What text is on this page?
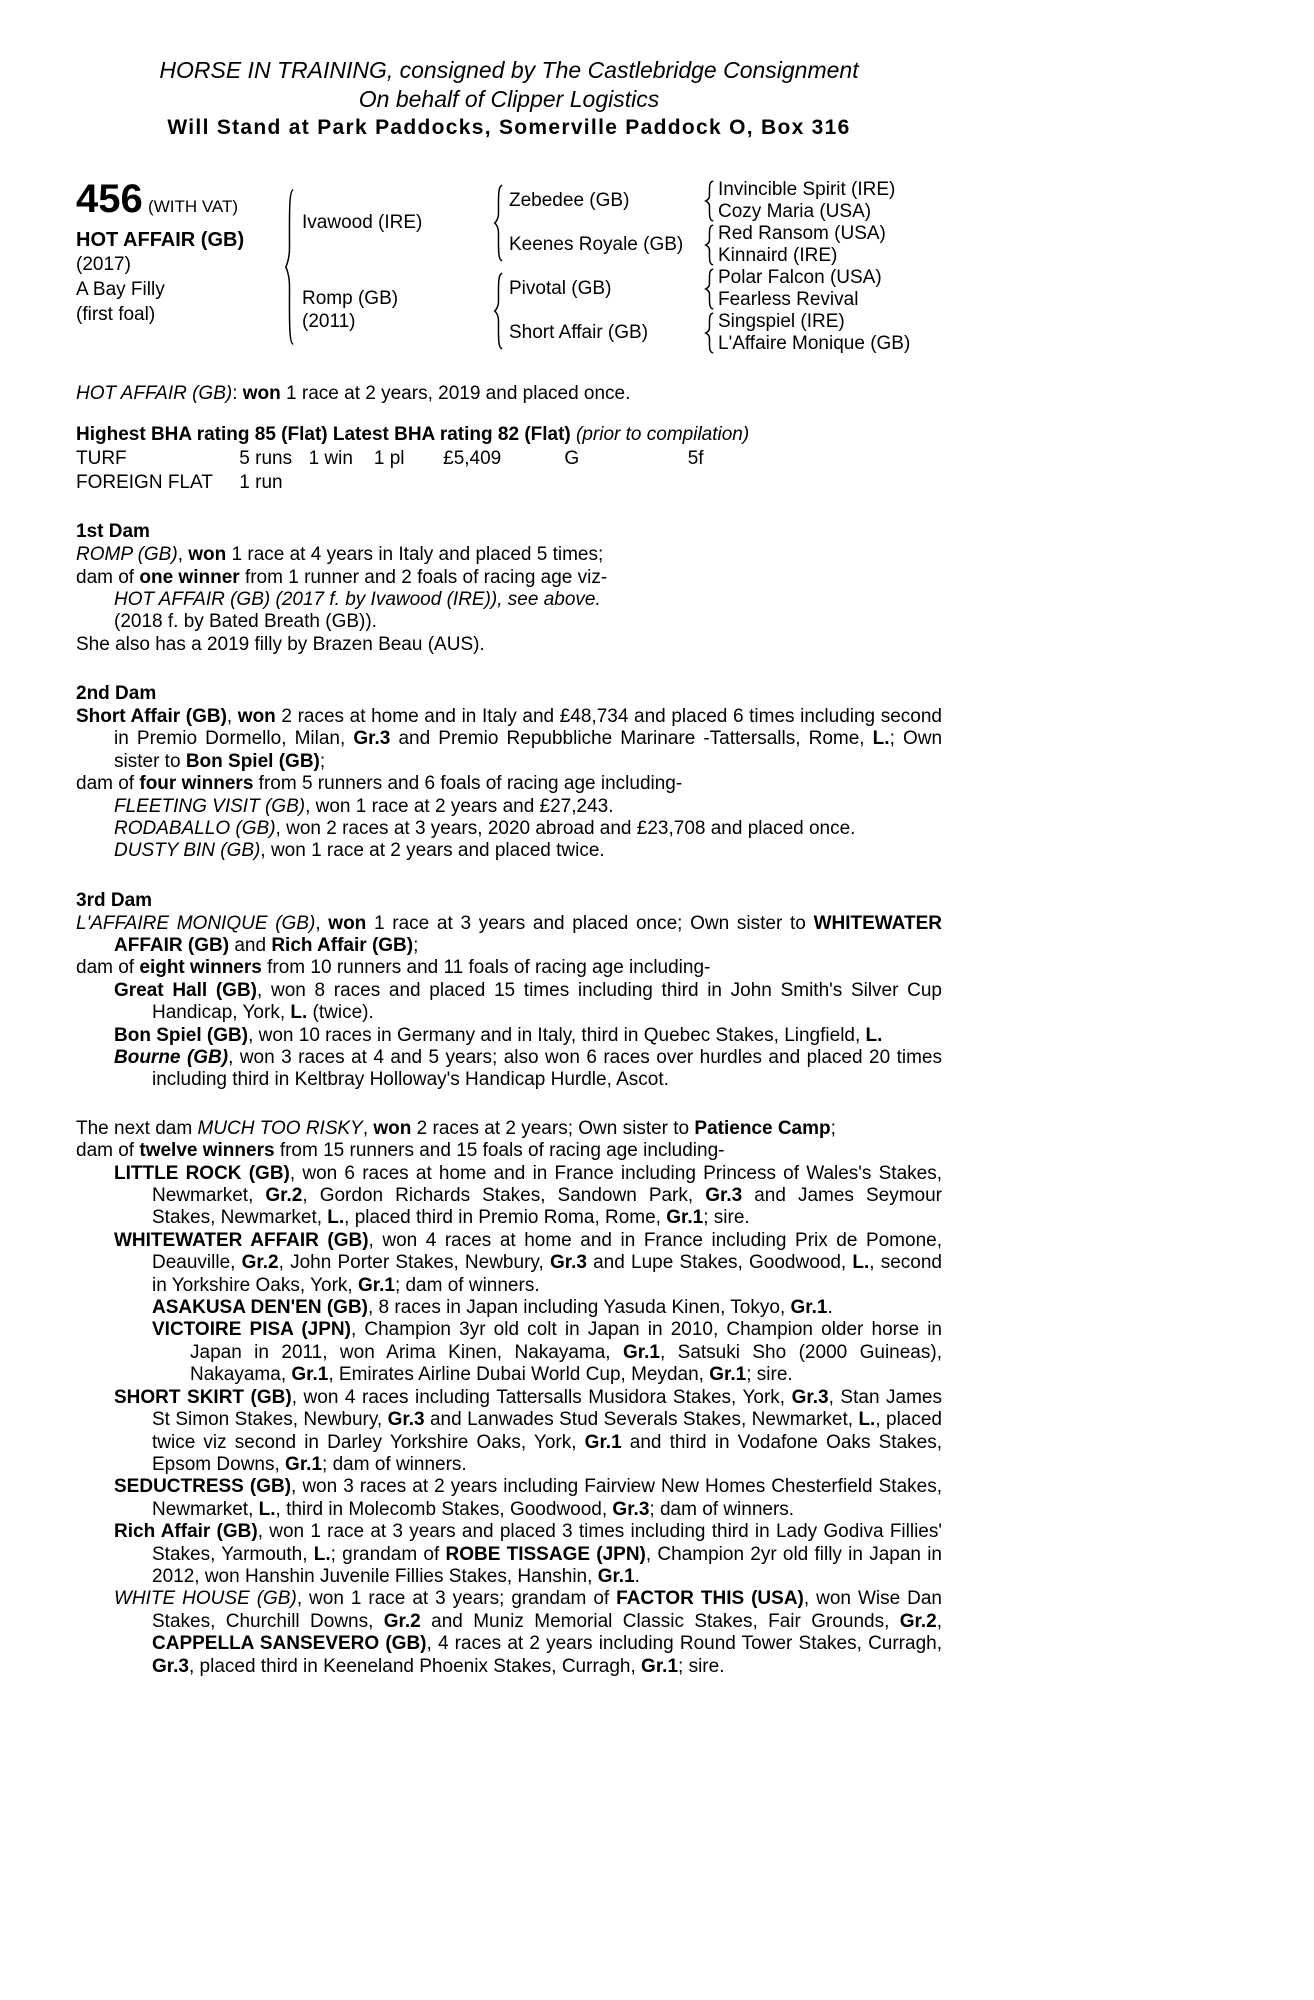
HORSE IN TRAINING, consigned by The Castlebridge Consignment
On behalf of Clipper Logistics
Will Stand at Park Paddocks, Somerville Paddock O, Box 316
456 (WITH VAT)
HOT AFFAIR (GB)
(2017)
A Bay Filly
(first foal)
Ivawood (IRE)
Romp (GB)
(2011)
Zebedee (GB)
Keenes Royale (GB)
Pivotal (GB)
Short Affair (GB)
Invincible Spirit (IRE)
Cozy Maria (USA)
Red Ransom (USA)
Kinnaird (IRE)
Polar Falcon (USA)
Fearless Revival
Singspiel (IRE)
L'Affaire Monique (GB)
HOT AFFAIR (GB): won 1 race at 2 years, 2019 and placed once.
Highest BHA rating 85 (Flat) Latest BHA rating 82 (Flat) (prior to compilation)
TURF	5 runs 1 win 1 pl £5,409	G	5f
FOREIGN FLAT 1 run
1st Dam
ROMP (GB), won 1 race at 4 years in Italy and placed 5 times;
dam of one winner from 1 runner and 2 foals of racing age viz-
HOT AFFAIR (GB) (2017 f. by Ivawood (IRE)), see above.
(2018 f. by Bated Breath (GB)).
She also has a 2019 filly by Brazen Beau (AUS).
2nd Dam
Short Affair (GB), won 2 races at home and in Italy and £48,734 and placed 6 times including second in Premio Dormello, Milan, Gr.3 and Premio Repubbliche Marinare -Tattersalls, Rome, L.; Own sister to Bon Spiel (GB);
dam of four winners from 5 runners and 6 foals of racing age including-
FLEETING VISIT (GB), won 1 race at 2 years and £27,243.
RODABALLO (GB), won 2 races at 3 years, 2020 abroad and £23,708 and placed once.
DUSTY BIN (GB), won 1 race at 2 years and placed twice.
3rd Dam
L'AFFAIRE MONIQUE (GB), won 1 race at 3 years and placed once; Own sister to WHITEWATER AFFAIR (GB) and Rich Affair (GB);
dam of eight winners from 10 runners and 11 foals of racing age including-
Great Hall (GB), won 8 races and placed 15 times including third in John Smith's Silver Cup Handicap, York, L. (twice).
Bon Spiel (GB), won 10 races in Germany and in Italy, third in Quebec Stakes, Lingfield, L.
Bourne (GB), won 3 races at 4 and 5 years; also won 6 races over hurdles and placed 20 times including third in Keltbray Holloway's Handicap Hurdle, Ascot.
The next dam MUCH TOO RISKY, won 2 races at 2 years; Own sister to Patience Camp;
dam of twelve winners from 15 runners and 15 foals of racing age including-
LITTLE ROCK (GB), won 6 races at home and in France including Princess of Wales's Stakes, Newmarket, Gr.2, Gordon Richards Stakes, Sandown Park, Gr.3 and James Seymour Stakes, Newmarket, L., placed third in Premio Roma, Rome, Gr.1; sire.
WHITEWATER AFFAIR (GB), won 4 races at home and in France including Prix de Pomone, Deauville, Gr.2, John Porter Stakes, Newbury, Gr.3 and Lupe Stakes, Goodwood, L., second in Yorkshire Oaks, York, Gr.1; dam of winners.
ASAKUSA DEN'EN (GB), 8 races in Japan including Yasuda Kinen, Tokyo, Gr.1.
VICTOIRE PISA (JPN), Champion 3yr old colt in Japan in 2010, Champion older horse in Japan in 2011, won Arima Kinen, Nakayama, Gr.1, Satsuki Sho (2000 Guineas), Nakayama, Gr.1, Emirates Airline Dubai World Cup, Meydan, Gr.1; sire.
SHORT SKIRT (GB), won 4 races including Tattersalls Musidora Stakes, York, Gr.3, Stan James St Simon Stakes, Newbury, Gr.3 and Lanwades Stud Severals Stakes, Newmarket, L., placed twice viz second in Darley Yorkshire Oaks, York, Gr.1 and third in Vodafone Oaks Stakes, Epsom Downs, Gr.1; dam of winners.
SEDUCTRESS (GB), won 3 races at 2 years including Fairview New Homes Chesterfield Stakes, Newmarket, L., third in Molecomb Stakes, Goodwood, Gr.3; dam of winners.
Rich Affair (GB), won 1 race at 3 years and placed 3 times including third in Lady Godiva Fillies' Stakes, Yarmouth, L.; grandam of ROBE TISSAGE (JPN), Champion 2yr old filly in Japan in 2012, won Hanshin Juvenile Fillies Stakes, Hanshin, Gr.1.
WHITE HOUSE (GB), won 1 race at 3 years; grandam of FACTOR THIS (USA), won Wise Dan Stakes, Churchill Downs, Gr.2 and Muniz Memorial Classic Stakes, Fair Grounds, Gr.2, CAPPELLA SANSEVERO (GB), 4 races at 2 years including Round Tower Stakes, Curragh, Gr.3, placed third in Keeneland Phoenix Stakes, Curragh, Gr.1; sire.
